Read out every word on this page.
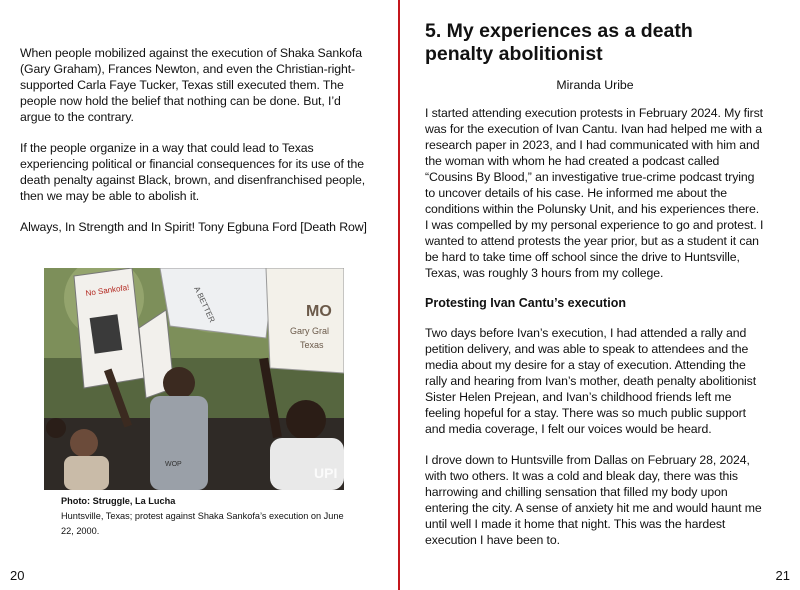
When people mobilized against the execution of Shaka Sankofa (Gary Graham), Frances Newton, and even the Christian-right-supported Carla Faye Tucker, Texas still executed them. The people now hold the belief that nothing can be done. But, I’d argue to the contrary.

If the people organize in a way that could lead to Texas experiencing political or financial consequences for its use of the death penalty against Black, brown, and disenfranchised people, then we may be able to abolish it.

Always, In Strength and In Spirit! Tony Egbuna Ford [Death Row]

No Sankofa!	A BETTER	MO
Gary Gral
Texas
WOP
UPI
Photo: Struggle, La Lucha
Huntsville, Texas; protest against Shaka Sankofa’s execution on June 22, 2000.
20
5. My experiences as a death penalty abolitionist

Miranda Uribe

I started attending execution protests in February 2024. My first was for the execution of Ivan Cantu. Ivan had helped me with a research paper in 2023, and I had communicated with him and the woman with whom he had created a podcast called “Cousins By Blood,” an investigative true-crime podcast trying to uncover details of his case. He informed me about the conditions within the Polunsky Unit, and his experiences there. I was compelled by my personal experience to go and protest. I wanted to attend protests the year prior, but as a student it can be hard to take time off school since the drive to Huntsville, Texas, was roughly 3 hours from my college.

Protesting Ivan Cantu’s execution

Two days before Ivan’s execution, I had attended a rally and petition delivery, and was able to speak to attendees and the media about my desire for a stay of execution. Attending the rally and hearing from Ivan’s mother, death penalty abolitionist Sister Helen Prejean, and Ivan’s childhood friends left me feeling hopeful for a stay. There was so much public support and media coverage, I felt our voices would be heard.

I drove down to Huntsville from Dallas on February 28, 2024, with two others. It was a cold and bleak day, there was this harrowing and chilling sensation that filled my body upon entering the city. A sense of anxiety hit me and would haunt me until well I made it home that night. This was the hardest execution I have been to.

21
